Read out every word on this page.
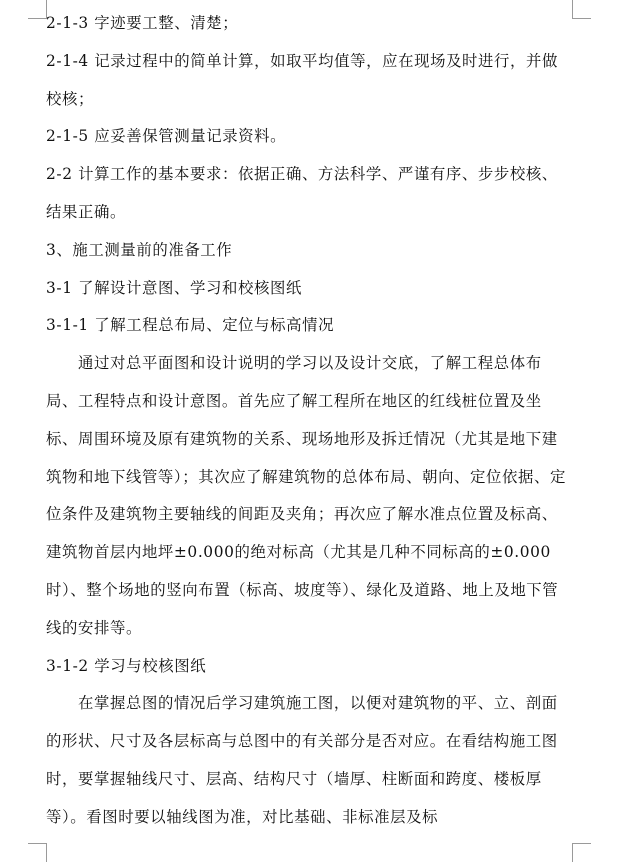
2-1-3 字迹要工整、清楚；

2-1-4 记录过程中的简单计算，如取平均值等，应在现场及时进行，并做校核；

2-1-5 应妥善保管测量记录资料。

2-2 计算工作的基本要求：依据正确、方法科学、严谨有序、步步校核、结果正确。

3、施工测量前的准备工作

3-1 了解设计意图、学习和校核图纸

3-1-1 了解工程总布局、定位与标高情况

通过对总平面图和设计说明的学习以及设计交底，了解工程总体布局、工程特点和设计意图。首先应了解工程所在地区的红线桩位置及坐标、周围环境及原有建筑物的关系、现场地形及拆迁情况（尤其是地下建筑物和地下线管等）；其次应了解建筑物的总体布局、朝向、定位依据、定位条件及建筑物主要轴线的间距及夹角；再次应了解水准点位置及标高、建筑物首层内地坪±0.000的绝对标高（尤其是几种不同标高的±0.000时）、整个场地的竖向布置（标高、坡度等）、绿化及道路、地上及地下管线的安排等。

3-1-2 学习与校核图纸

在掌握总图的情况后学习建筑施工图，以便对建筑物的平、立、剖面的形状、尺寸及各层标高与总图中的有关部分是否对应。在看结构施工图时，要掌握轴线尺寸、层高、结构尺寸（墙厚、柱断面和跨度、楼板厚等）。看图时要以轴线图为准，对比基础、非标准层及标
